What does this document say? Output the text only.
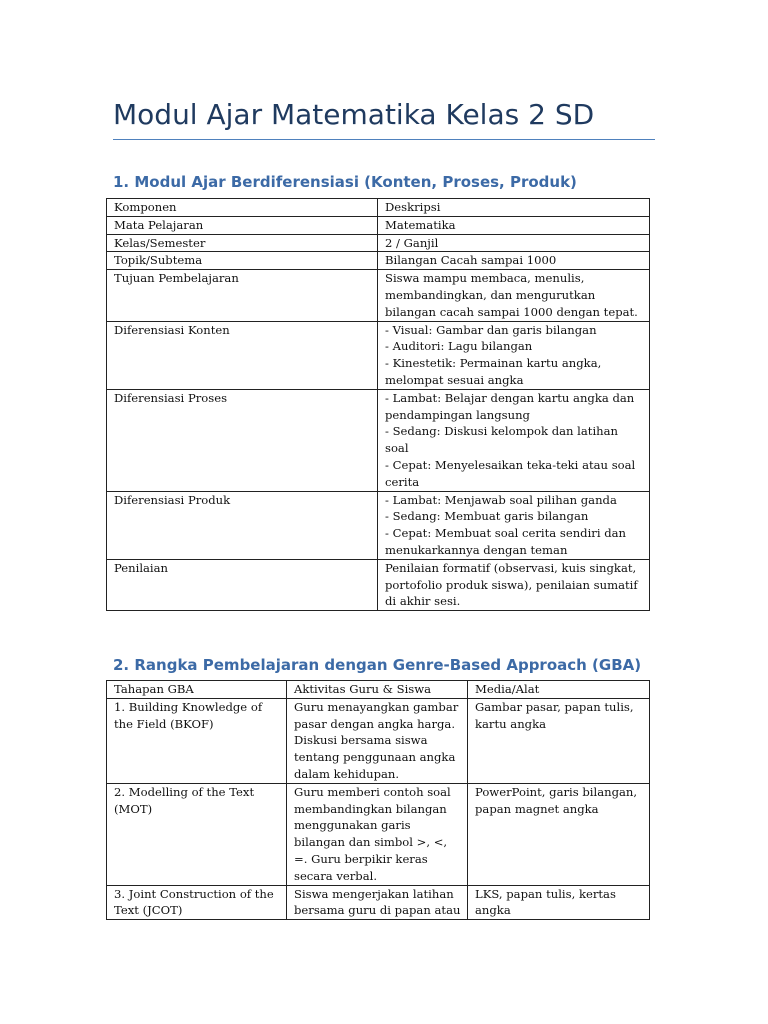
Modul Ajar Matematika Kelas 2 SD
1. Modul Ajar Berdiferensiasi (Konten, Proses, Produk)
Komponen	Deskripsi
Mata Pelajaran	Matematika

Kelas/Semester	2 / Ganjil

Topik/Subtema	Bilangan Cacah sampai 1000

Tujuan Pembelajaran	Siswa mampu membaca, menulis, membandingkan, dan mengurutkan bilangan cacah sampai 1000 dengan tepat.

Diferensiasi Konten	- Visual: Gambar dan garis bilangan
- Auditori: Lagu bilangan
- Kinestetik: Permainan kartu angka, melompat sesuai angka

Diferensiasi Proses	- Lambat: Belajar dengan kartu angka dan pendampingan langsung
- Sedang: Diskusi kelompok dan latihan soal
- Cepat: Menyelesaikan teka-teki atau soal cerita

Diferensiasi Produk	- Lambat: Menjawab soal pilihan ganda
- Sedang: Membuat garis bilangan
- Cepat: Membuat soal cerita sendiri dan menukarkannya dengan teman

Penilaian	Penilaian formatif (observasi, kuis singkat, portofolio produk siswa), penilaian sumatif di akhir sesi.
2. Rangka Pembelajaran dengan Genre-Based Approach (GBA)
Tahapan GBA	Aktivitas Guru & Siswa	Media/Alat
1. Building Knowledge of the Field (BKOF)	Guru menayangkan gambar pasar dengan angka harga. Diskusi bersama siswa tentang penggunaan angka dalam kehidupan.	Gambar pasar, papan tulis, kartu angka
2. Modelling of the Text (MOT)	Guru memberi contoh soal membandingkan bilangan menggunakan garis bilangan dan simbol >, <, =. Guru berpikir keras secara verbal.	PowerPoint, garis bilangan, papan magnet angka
3. Joint Construction of the Text (JCOT)	Siswa mengerjakan latihan bersama guru di papan atau	LKS, papan tulis, kertas angka
